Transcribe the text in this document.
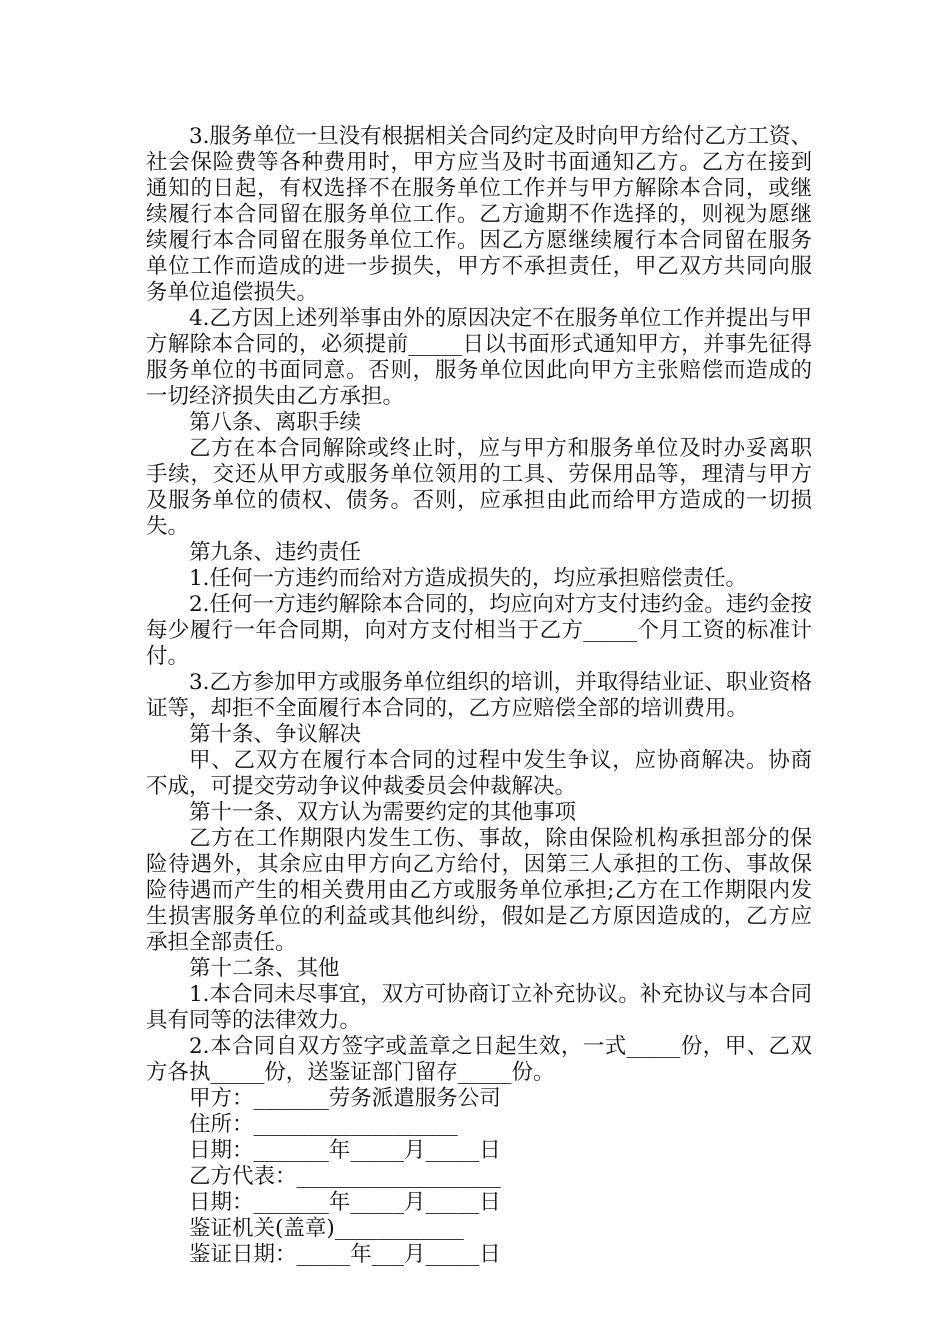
3.服务单位一旦没有根据相关合同约定及时向甲方给付乙方工资、社会保险费等各种费用时，甲方应当及时书面通知乙方。乙方在接到通知的日起，有权选择不在服务单位工作并与甲方解除本合同，或继续履行本合同留在服务单位工作。乙方逾期不作选择的，则视为愿继续履行本合同留在服务单位工作。因乙方愿继续履行本合同留在服务单位工作而造成的进一步损失，甲方不承担责任，甲乙双方共同向服务单位追偿损失。

4.乙方因上述列举事由外的原因决定不在服务单位工作并提出与甲方解除本合同的，必须提前_____日以书面形式通知甲方，并事先征得服务单位的书面同意。否则，服务单位因此向甲方主张赔偿而造成的一切经济损失由乙方承担。

第八条、离职手续

乙方在本合同解除或终止时，应与甲方和服务单位及时办妥离职手续，交还从甲方或服务单位领用的工具、劳保用品等，理清与甲方及服务单位的债权、债务。否则，应承担由此而给甲方造成的一切损失。

第九条、违约责任

1.任何一方违约而给对方造成损失的，均应承担赔偿责任。

2.任何一方违约解除本合同的，均应向对方支付违约金。违约金按每少履行一年合同期，向对方支付相当于乙方_____个月工资的标准计付。

3.乙方参加甲方或服务单位组织的培训，并取得结业证、职业资格证等，却拒不全面履行本合同的，乙方应赔偿全部的培训费用。

第十条、争议解决

甲、乙双方在履行本合同的过程中发生争议，应协商解决。协商不成，可提交劳动争议仲裁委员会仲裁解决。

第十一条、双方认为需要约定的其他事项

乙方在工作期限内发生工伤、事故，除由保险机构承担部分的保险待遇外，其余应由甲方向乙方给付，因第三人承担的工伤、事故保险待遇而产生的相关费用由乙方或服务单位承担;乙方在工作期限内发生损害服务单位的利益或其他纠纷，假如是乙方原因造成的，乙方应承担全部责任。

第十二条、其他

1.本合同未尽事宜，双方可协商订立补充协议。补充协议与本合同具有同等的法律效力。

2.本合同自双方签字或盖章之日起生效，一式_____份，甲、乙双方各执_____份，送鉴证部门留存_____份。

甲方：_______劳务派遣服务公司

住所：___________________

日期：_______年_____月_____日

乙方代表：___________________

日期：_______年_____月_____日

鉴证机关(盖章)____________

鉴证日期：_____年___月_____日
